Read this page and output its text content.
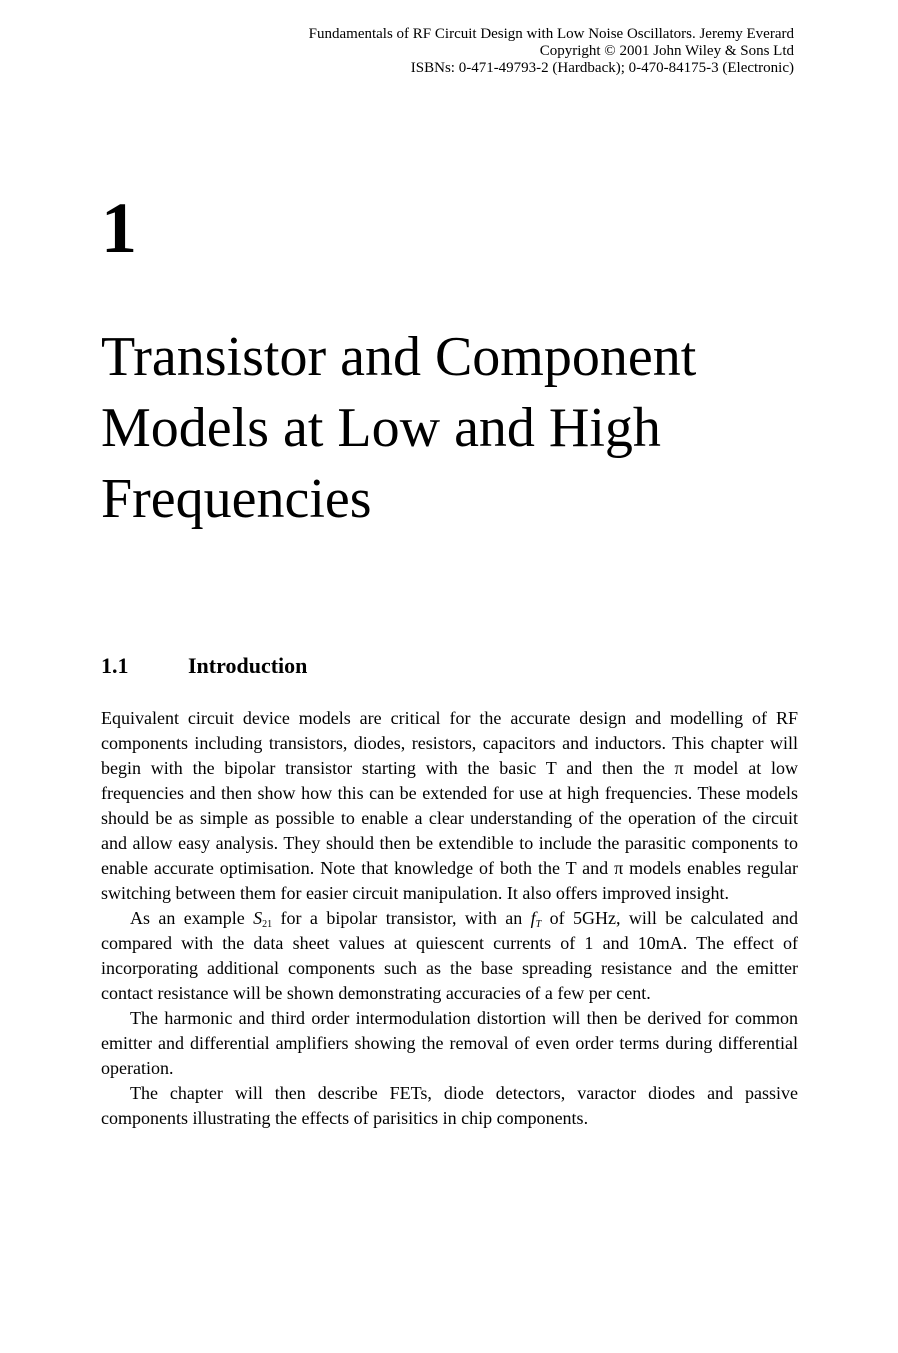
Fundamentals of RF Circuit Design with Low Noise Oscillators. Jeremy Everard
Copyright © 2001 John Wiley & Sons Ltd
ISBNs: 0-471-49793-2 (Hardback); 0-470-84175-3 (Electronic)
1
Transistor and Component
Models at Low and High
Frequencies
1.1	Introduction

Equivalent circuit device models are critical for the accurate design and modelling of RF components including transistors, diodes, resistors, capacitors and inductors. This chapter will begin with the bipolar transistor starting with the basic T and then the π model at low frequencies and then show how this can be extended for use at high frequencies. These models should be as simple as possible to enable a clear understanding of the operation of the circuit and allow easy analysis. They should then be extendible to include the parasitic components to enable accurate optimisation. Note that knowledge of both the T and π models enables regular switching between them for easier circuit manipulation. It also offers improved insight.

As an example $S_{21}$ for a bipolar transistor, with an $f_T$ of 5GHz, will be calculated and compared with the data sheet values at quiescent currents of 1 and 10mA. The effect of incorporating additional components such as the base spreading resistance and the emitter contact resistance will be shown demonstrating accuracies of a few per cent.

The harmonic and third order intermodulation distortion will then be derived for common emitter and differential amplifiers showing the removal of even order terms during differential operation.

The chapter will then describe FETs, diode detectors, varactor diodes and passive components illustrating the effects of parisitics in chip components.
